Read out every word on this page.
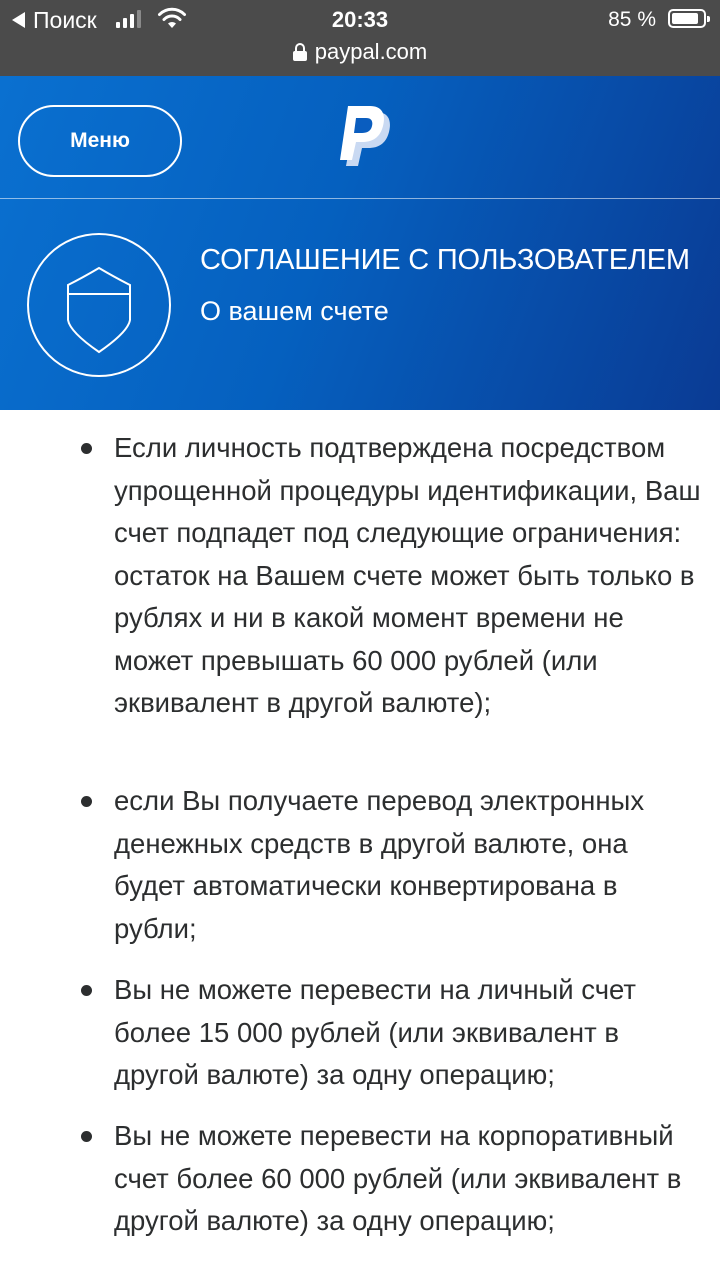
Поиск	20:33	85 %
paypal.com
Меню
СОГЛАШЕНИЕ С ПОЛЬЗОВАТЕЛЕМ
О вашем счете
Если личность подтверждена посредством упрощенной процедуры идентификации, Ваш счет подпадет под следующие ограничения: остаток на Вашем счете может быть только в рублях и ни в какой момент времени не может превышать 60 000 рублей (или эквивалент в другой валюте);
если Вы получаете перевод электронных денежных средств в другой валюте, она будет автоматически конвертирована в рубли;
Вы не можете перевести на личный счет более 15 000 рублей (или эквивалент в другой валюте) за одну операцию;
Вы не можете перевести на корпоративный счет более 60 000 рублей (или эквивалент в другой валюте) за одну операцию;
